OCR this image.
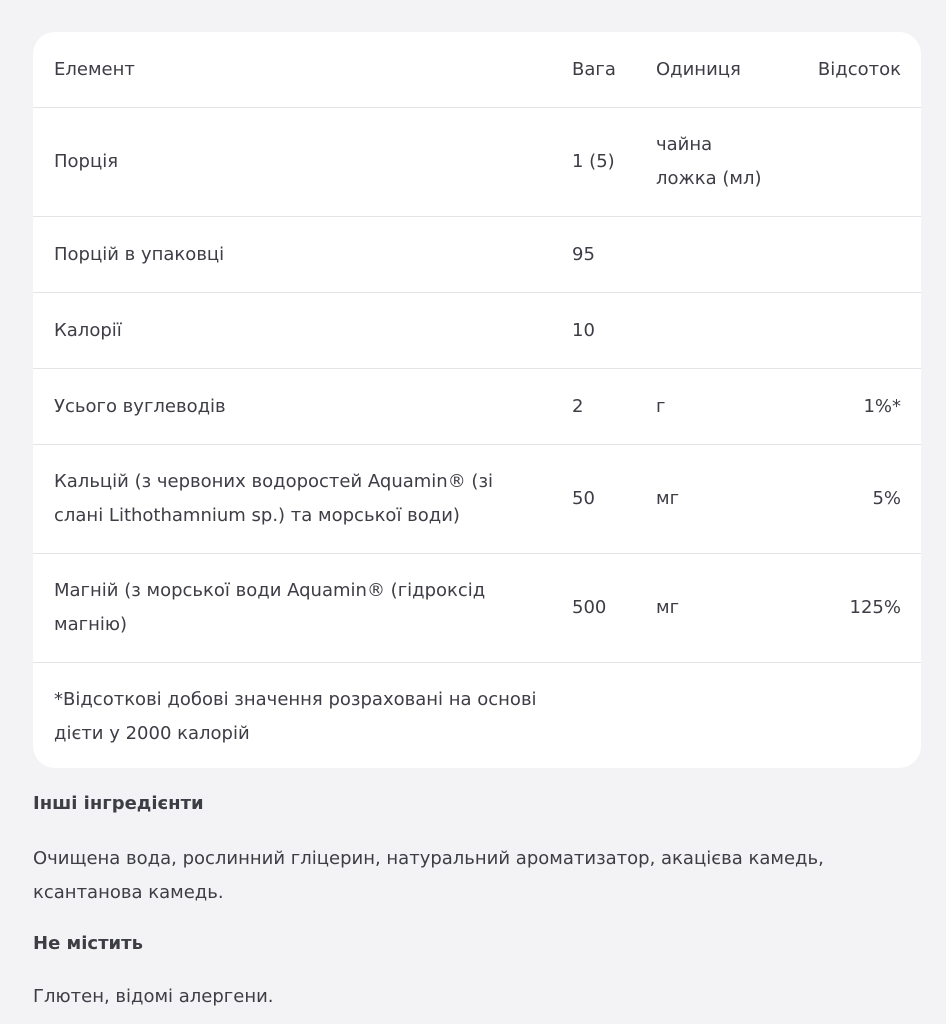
Елемент	Вага	Одиниця	Відсоток
Порція	1 (5)	чайна ложка (мл)	
Порцій в упаковці	95		
Калорії	10		
Усього вуглеводів	2	г	1%*
Кальцій (з червоних водоростей Aquamin® (зі слані Lithothamnium sp.) та морської води)	50	мг	5%
Магній (з морської води Aquamin® (гідроксід магнію)	500	мг	125%
*Відсоткові добові значення розраховані на основі дієти у 2000 калорій			

Інші інгредієнти

Очищена вода, рослинний гліцерин, натуральний ароматизатор, акацієва камедь, ксантанова камедь.

Не містить

Глютен, відомі алергени.
